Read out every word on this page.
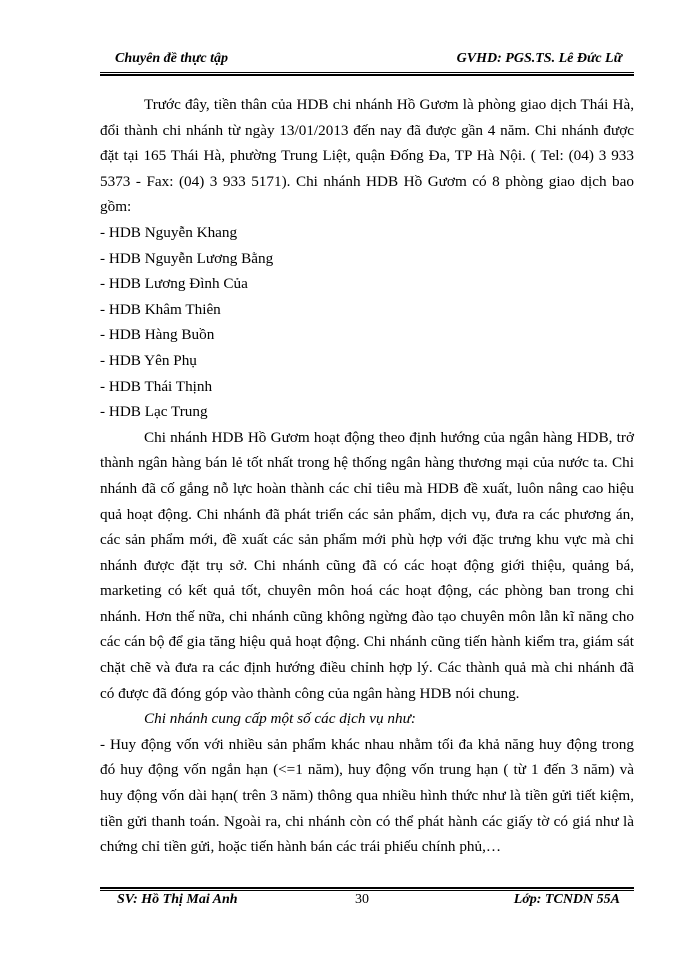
Chuyên đề thực tập	GVHD: PGS.TS. Lê Đức Lữ

Trước đây, tiền thân của HDB chi nhánh Hồ Gươm là phòng giao dịch Thái Hà, đổi thành chi nhánh từ ngày 13/01/2013 đến nay đã được gần 4 năm. Chi nhánh được đặt tại 165 Thái Hà, phường Trung Liệt, quận Đống Đa, TP Hà Nội. ( Tel: (04) 3 933 5373 - Fax: (04) 3 933 5171). Chi nhánh HDB Hồ Gươm có 8 phòng giao dịch bao gồm:

- HDB Nguyễn Khang

- HDB Nguyễn Lương Bằng

- HDB Lương Đình Của

- HDB Khâm Thiên

- HDB Hàng Buồn

- HDB Yên Phụ

- HDB Thái Thịnh

- HDB Lạc Trung

Chi nhánh HDB Hồ Gươm hoạt động theo định hướng của ngân hàng HDB, trở thành ngân hàng bán lẻ tốt nhất trong hệ thống ngân hàng thương mại của nước ta. Chi nhánh đã cố gắng nỗ lực hoàn thành các chỉ tiêu mà HDB đề xuất, luôn nâng cao hiệu quả hoạt động. Chi nhánh đã phát triển các sản phẩm, dịch vụ, đưa ra các phương án, các sản phẩm mới, đề xuất các sản phẩm mới phù hợp với đặc trưng khu vực mà chi nhánh được đặt trụ sở. Chi nhánh cũng đã có các hoạt động giới thiệu, quảng bá, marketing có kết quả tốt, chuyên môn hoá các hoạt động, các phòng ban trong chi nhánh. Hơn thế nữa, chi nhánh cũng không ngừng đào tạo chuyên môn lẫn kĩ năng cho các cán bộ để gia tăng hiệu quả hoạt động. Chi nhánh cũng tiến hành kiểm tra, giám sát chặt chẽ và đưa ra các định hướng điều chỉnh hợp lý. Các thành quả mà chi nhánh đã có được đã đóng góp vào thành công của ngân hàng HDB nói chung.

Chi nhánh cung cấp một số các dịch vụ như:

- Huy động vốn với nhiều sản phẩm khác nhau nhằm tối đa khả năng huy động trong đó huy động vốn ngắn hạn (<=1 năm), huy động vốn trung hạn ( từ 1 đến 3 năm) và huy động vốn dài hạn( trên 3 năm) thông qua nhiều hình thức như là tiền gửi tiết kiệm, tiền gửi thanh toán. Ngoài ra, chi nhánh còn có thể phát hành các giấy tờ có giá như là chứng chỉ tiền gửi, hoặc tiến hành bán các trái phiếu chính phủ,…

SV: Hồ Thị Mai Anh	30	Lớp: TCNDN 55A
